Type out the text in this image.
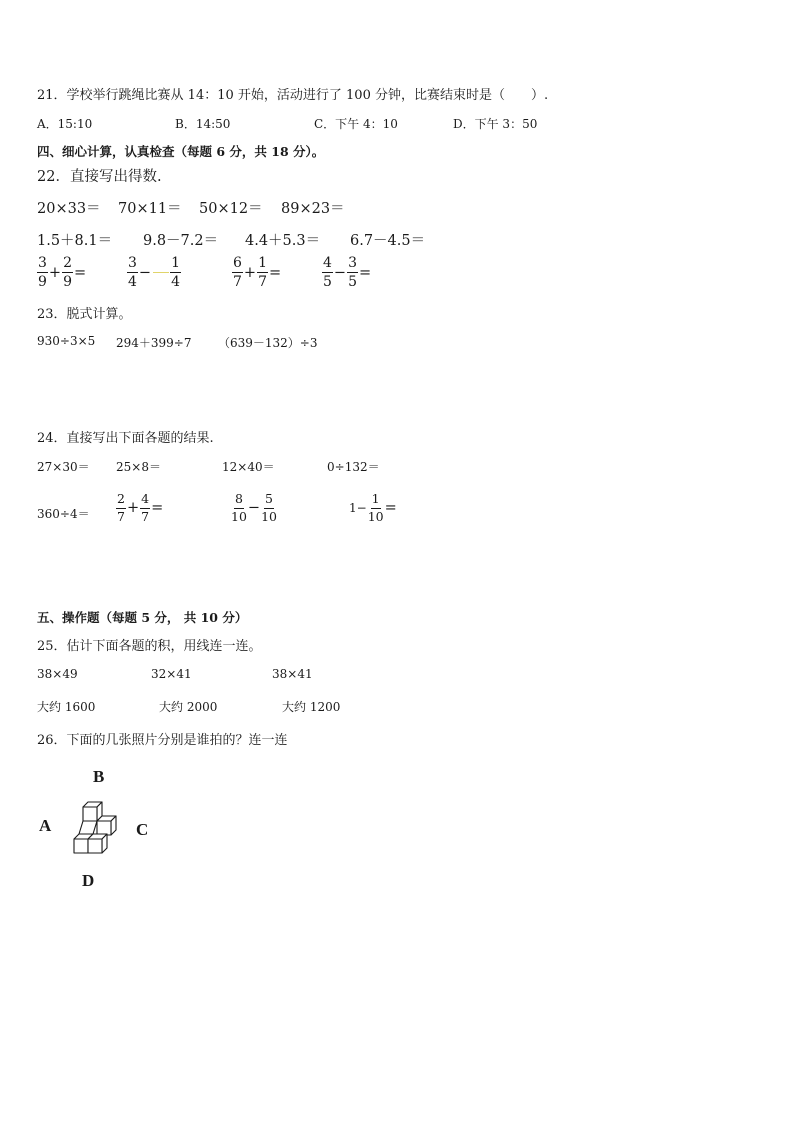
21．学校举行跳绳比赛从 14：10 开始，活动进行了 100 分钟，比赛结束时是（　　）.
A．15:10	B．14:50	C．下午 4：10	D．下午 3：50
四、细心计算，认真检查（每题 6 分，共 18 分）。
22．直接写出得数.
20×33＝ 70×11＝ 50×12＝ 89×23＝
1.5＋8.1＝ 9.8－7.2＝ 4.4＋5.3＝ 6.7－4.5＝
$\frac{3}{9} + \frac{2}{9}$ =	$\frac{3}{4} - \frac{1}{4}$	$\frac{6}{7} + \frac{1}{7}$ =	$\frac{4}{5} - \frac{3}{5}$ =
23．脱式计算。
930÷3×5 294＋399÷7 （639－132）÷3
24．直接写出下面各题的结果.
27×30＝ 25×8＝	12×40＝	0÷132＝
$360\div 4= \frac{2}{7} + \frac{4}{7}$ =	$\frac{8}{10} - \frac{5}{10}$	$1- \frac{1}{10}$ =
五、操作题（每题 5 分， 共 10 分）
25．估计下面各题的积，用线连一连。
38×49	32×41	38×41
大约 1600	大约 2000	大约 1200
26．下面的几张照片分别是谁拍的？连一连
B
A	C
D
